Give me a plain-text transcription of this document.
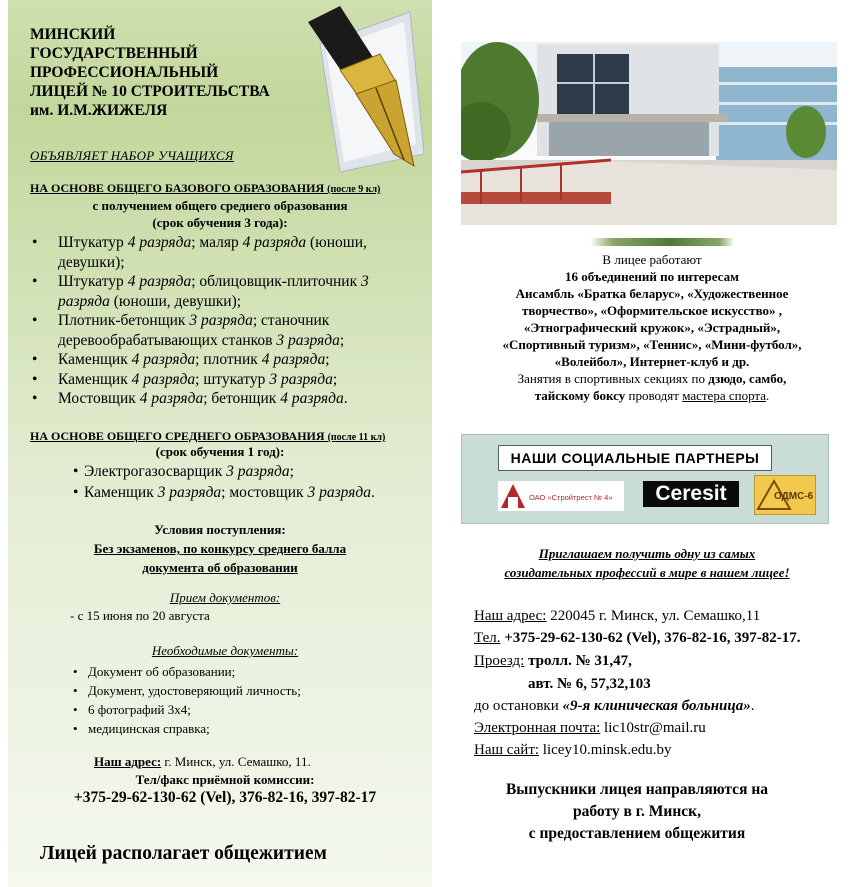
МИНСКИЙ
ГОСУДАРСТВЕННЫЙ
ПРОФЕССИОНАЛЬНЫЙ
ЛИЦЕЙ № 10 СТРОИТЕЛЬСТВА
им. И.М.ЖИЖЕЛЯ
ОБЪЯВЛЯЕТ НАБОР УЧАЩИХСЯ
НА ОСНОВЕ ОБЩЕГО БАЗОВОГО ОБРАЗОВАНИЯ (после 9 кл)
с получением общего среднего образования
(срок обучения 3 года):
• Штукатур 4 разряда; маляр 4 разряда (юноши, девушки);
• Штукатур 4 разряда; облицовщик-плиточник 3 разряда (юноши, девушки);
• Плотник-бетонщик 3 разряда; станочник деревообрабатывающих станков 3 разряда;
• Каменщик 4 разряда; плотник 4 разряда;
• Каменщик 4 разряда; штукатур 3 разряда;
• Мостовщик 4 разряда; бетонщик 4 разряда.
НА ОСНОВЕ ОБЩЕГО СРЕДНЕГО ОБРАЗОВАНИЯ (после 11 кл)
(срок обучения 1 год):
• Электрогазосварщик 3 разряда;
• Каменщик 3 разряда; мостовщик 3 разряда.
Условия поступления:
Без экзаменов, по конкурсу среднего балла
документа об образовании
Прием документов:
- с 15 июня по 20 августа
Необходимые документы:
• Документ об образовании;
• Документ, удостоверяющий личность;
• 6 фотографий 3х4;
• медицинская справка;
Наш адрес: г. Минск, ул. Семашко, 11.
Тел/факс приёмной комиссии:
+375-29-62-130-62 (Vel), 376-82-16, 397-82-17
Лицей располагает общежитием
В лицее работают
16 объединений по интересам
Ансамбль «Братка беларус», «Художественное
творчество», «Оформительское искусство» ,
«Этнографический кружок», «Эстрадный»,
«Спортивный туризм», «Теннис», «Мини-футбол»,
«Волейбол», Интернет-клуб и др.
Занятия в спортивных секциях по дзюдо, самбо,
тайскому боксу проводят мастера спорта.
НАШИ СОЦИАЛЬНЫЕ ПАРТНЕРЫ
ОАО «Стройтрест № 4»	Ceresit	ОДМС-6
Приглашаем получить одну из самых
созидательных профессий в мире в нашем лицее!
Наш адрес: 220045 г. Минск, ул. Семашко,11
Тел. +375-29-62-130-62 (Vel), 376-82-16, 397-82-17.
Проезд: тролл. № 31,47,
авт. № 6, 57,32,103
до остановки «9-я клиническая больница».
Электронная почта: lic10str@mail.ru
Наш сайт: licey10.minsk.edu.by
Выпускники лицея направляются на
работу в г. Минск,
с предоставлением общежития
